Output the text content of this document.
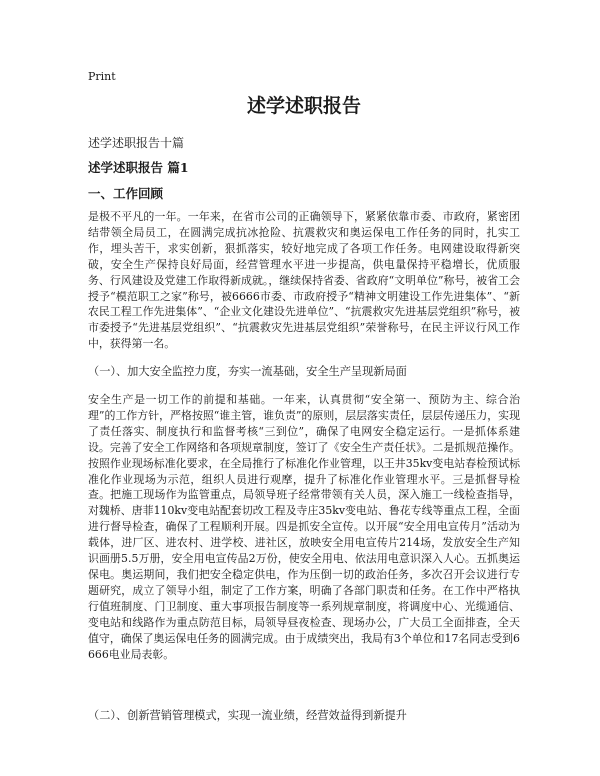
Print
述学述职报告
述学述职报告十篇
述学述职报告 篇1
一、工作回顾

是极不平凡的一年。一年来，在省市公司的正确领导下，紧紧依靠市委、市政府，紧密团结带领全局员工，在圆满完成抗冰抢险、抗震救灾和奥运保电工作任务的同时，扎实工作，埋头苦干，求实创新，狠抓落实，较好地完成了各项工作任务。电网建设取得新突破，安全生产保持良好局面，经营管理水平进一步提高，供电量保持平稳增长，优质服务、行风建设及党建工作取得新成就。，继续保持省委、省政府“文明单位”称号，被省工会授予“模范职工之家”称号，被6666市委、市政府授予“精神文明建设工作先进集体”、“新农民工程工作先进集体”、“企业文化建设先进单位”、“抗震救灾先进基层党组织”称号，被市委授予“先进基层党组织”、“抗震救灾先进基层党组织”荣誉称号，在民主评议行风工作中，获得第一名。

（一）、加大安全监控力度，夯实一流基础，安全生产呈现新局面

安全生产是一切工作的前提和基础。一年来，认真贯彻“安全第一、预防为主、综合治理”的工作方针，严格按照“谁主管，谁负责”的原则，层层落实责任，层层传递压力，实现了责任落实、制度执行和监督考核“三到位”，确保了电网安全稳定运行。一是抓体系建设。完善了安全工作网络和各项规章制度，签订了《安全生产责任状》。二是抓规范操作。按照作业现场标准化要求，在全局推行了标准化作业管理，以王井35kv变电站春检预试标准化作业现场为示范，组织人员进行观摩，提升了标准化作业管理水平。三是抓督导检查。把施工现场作为监管重点，局领导班子经常带领有关人员，深入施工一线检查指导，对魏桥、唐菲110kv变电站配套切改工程及寺庄35kv变电站、鲁花专线等重点工程，全面进行督导检查，确保了工程顺利开展。四是抓安全宣传。以开展“安全用电宣传月”活动为载体，进厂区、进农村、进学校、进社区，放映安全用电宣传片214场，发放安全生产知识画册5.5万册，安全用电宣传品2万份，使安全用电、依法用电意识深入人心。五抓奥运保电。奥运期间，我们把安全稳定供电，作为压倒一切的政治任务，多次召开会议进行专题研究，成立了领导小组，制定了工作方案，明确了各部门职责和任务。在工作中严格执行值班制度、门卫制度、重大事项报告制度等一系列规章制度，将调度中心、光缆通信、变电站和线路作为重点防范目标，局领导昼夜检查、现场办公，广大员工全面排查，全天值守，确保了奥运保电任务的圆满完成。由于成绩突出，我局有3个单位和17名同志受到6666电业局表彰。

（二）、创新营销管理模式，实现一流业绩，经营效益得到新提升
